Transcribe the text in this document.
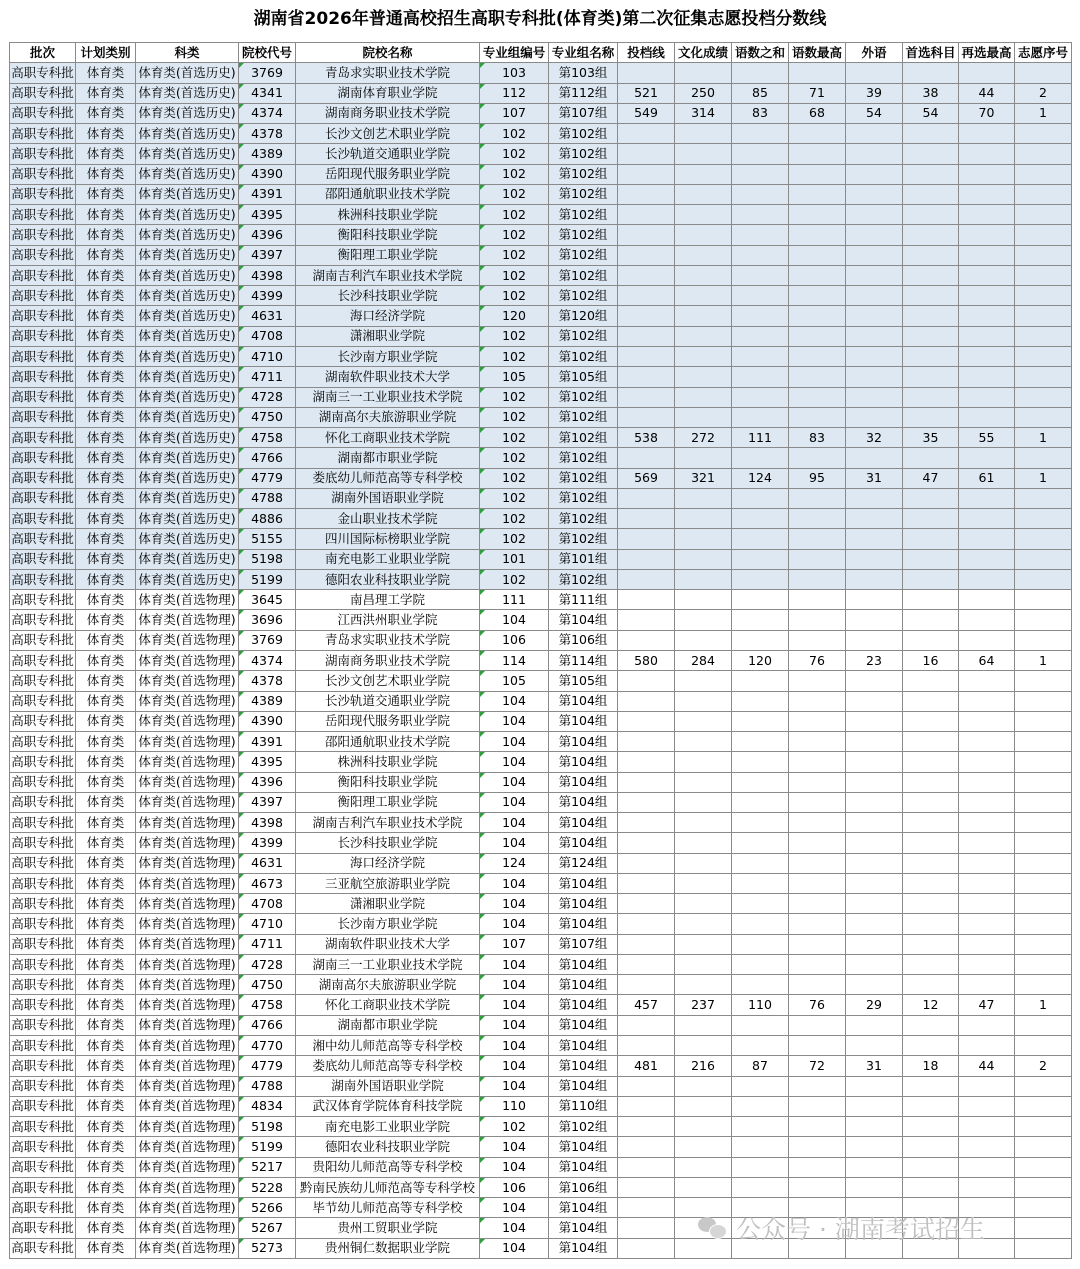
湖南省2026年普通高校招生高职专科批(体育类)第二次征集志愿投档分数线
批次	计划类别	科类	院校代号	院校名称	专业组编号	专业组名称	投档线	文化成绩	语数之和	语数最高	外语	首选科目	再选最高	志愿序号
高职专科批	体育类	体育类(首选历史)	3769	青岛求实职业技术学院	103	第103组								
高职专科批	体育类	体育类(首选历史)	4341	湖南体育职业学院	112	第112组	521	250	85	71	39	38	44	2
高职专科批	体育类	体育类(首选历史)	4374	湖南商务职业技术学院	107	第107组	549	314	83	68	54	54	70	1
高职专科批	体育类	体育类(首选历史)	4378	长沙文创艺术职业学院	102	第102组								
高职专科批	体育类	体育类(首选历史)	4389	长沙轨道交通职业学院	102	第102组								
高职专科批	体育类	体育类(首选历史)	4390	岳阳现代服务职业学院	102	第102组								
高职专科批	体育类	体育类(首选历史)	4391	邵阳通航职业技术学院	102	第102组								
高职专科批	体育类	体育类(首选历史)	4395	株洲科技职业学院	102	第102组								
高职专科批	体育类	体育类(首选历史)	4396	衡阳科技职业学院	102	第102组								
高职专科批	体育类	体育类(首选历史)	4397	衡阳理工职业学院	102	第102组								
高职专科批	体育类	体育类(首选历史)	4398	湖南吉利汽车职业技术学院	102	第102组								
高职专科批	体育类	体育类(首选历史)	4399	长沙科技职业学院	102	第102组								
高职专科批	体育类	体育类(首选历史)	4631	海口经济学院	120	第120组								
高职专科批	体育类	体育类(首选历史)	4708	潇湘职业学院	102	第102组								
高职专科批	体育类	体育类(首选历史)	4710	长沙南方职业学院	102	第102组								
高职专科批	体育类	体育类(首选历史)	4711	湖南软件职业技术大学	105	第105组								
高职专科批	体育类	体育类(首选历史)	4728	湖南三一工业职业技术学院	102	第102组								
高职专科批	体育类	体育类(首选历史)	4750	湖南高尔夫旅游职业学院	102	第102组								
高职专科批	体育类	体育类(首选历史)	4758	怀化工商职业技术学院	102	第102组	538	272	111	83	32	35	55	1
高职专科批	体育类	体育类(首选历史)	4766	湖南都市职业学院	102	第102组								
高职专科批	体育类	体育类(首选历史)	4779	娄底幼儿师范高等专科学校	102	第102组	569	321	124	95	31	47	61	1
高职专科批	体育类	体育类(首选历史)	4788	湖南外国语职业学院	102	第102组								
高职专科批	体育类	体育类(首选历史)	4886	金山职业技术学院	102	第102组								
高职专科批	体育类	体育类(首选历史)	5155	四川国际标榜职业学院	102	第102组								
高职专科批	体育类	体育类(首选历史)	5198	南充电影工业职业学院	101	第101组								
高职专科批	体育类	体育类(首选历史)	5199	德阳农业科技职业学院	102	第102组								
高职专科批	体育类	体育类(首选物理)	3645	南昌理工学院	111	第111组								
高职专科批	体育类	体育类(首选物理)	3696	江西洪州职业学院	104	第104组								
高职专科批	体育类	体育类(首选物理)	3769	青岛求实职业技术学院	106	第106组								
高职专科批	体育类	体育类(首选物理)	4374	湖南商务职业技术学院	114	第114组	580	284	120	76	23	16	64	1
高职专科批	体育类	体育类(首选物理)	4378	长沙文创艺术职业学院	105	第105组								
高职专科批	体育类	体育类(首选物理)	4389	长沙轨道交通职业学院	104	第104组								
高职专科批	体育类	体育类(首选物理)	4390	岳阳现代服务职业学院	104	第104组								
高职专科批	体育类	体育类(首选物理)	4391	邵阳通航职业技术学院	104	第104组								
高职专科批	体育类	体育类(首选物理)	4395	株洲科技职业学院	104	第104组								
高职专科批	体育类	体育类(首选物理)	4396	衡阳科技职业学院	104	第104组								
高职专科批	体育类	体育类(首选物理)	4397	衡阳理工职业学院	104	第104组								
高职专科批	体育类	体育类(首选物理)	4398	湖南吉利汽车职业技术学院	104	第104组								
高职专科批	体育类	体育类(首选物理)	4399	长沙科技职业学院	104	第104组								
高职专科批	体育类	体育类(首选物理)	4631	海口经济学院	124	第124组								
高职专科批	体育类	体育类(首选物理)	4673	三亚航空旅游职业学院	104	第104组								
高职专科批	体育类	体育类(首选物理)	4708	潇湘职业学院	104	第104组								
高职专科批	体育类	体育类(首选物理)	4710	长沙南方职业学院	104	第104组								
高职专科批	体育类	体育类(首选物理)	4711	湖南软件职业技术大学	107	第107组								
高职专科批	体育类	体育类(首选物理)	4728	湖南三一工业职业技术学院	104	第104组								
高职专科批	体育类	体育类(首选物理)	4750	湖南高尔夫旅游职业学院	104	第104组								
高职专科批	体育类	体育类(首选物理)	4758	怀化工商职业技术学院	104	第104组	457	237	110	76	29	12	47	1
高职专科批	体育类	体育类(首选物理)	4766	湖南都市职业学院	104	第104组								
高职专科批	体育类	体育类(首选物理)	4770	湘中幼儿师范高等专科学校	104	第104组								
高职专科批	体育类	体育类(首选物理)	4779	娄底幼儿师范高等专科学校	104	第104组	481	216	87	72	31	18	44	2
高职专科批	体育类	体育类(首选物理)	4788	湖南外国语职业学院	104	第104组								
高职专科批	体育类	体育类(首选物理)	4834	武汉体育学院体育科技学院	110	第110组								
高职专科批	体育类	体育类(首选物理)	5198	南充电影工业职业学院	102	第102组								
高职专科批	体育类	体育类(首选物理)	5199	德阳农业科技职业学院	104	第104组								
高职专科批	体育类	体育类(首选物理)	5217	贵阳幼儿师范高等专科学校	104	第104组								
高职专科批	体育类	体育类(首选物理)	5228	黔南民族幼儿师范高等专科学校	106	第106组								
高职专科批	体育类	体育类(首选物理)	5266	毕节幼儿师范高等专科学校	104	第104组								
高职专科批	体育类	体育类(首选物理)	5267	贵州工贸职业学院	104	第104组								
高职专科批	体育类	体育类(首选物理)	5273	贵州铜仁数据职业学院	104	第104组								
公众号 · 湖南考试招生
